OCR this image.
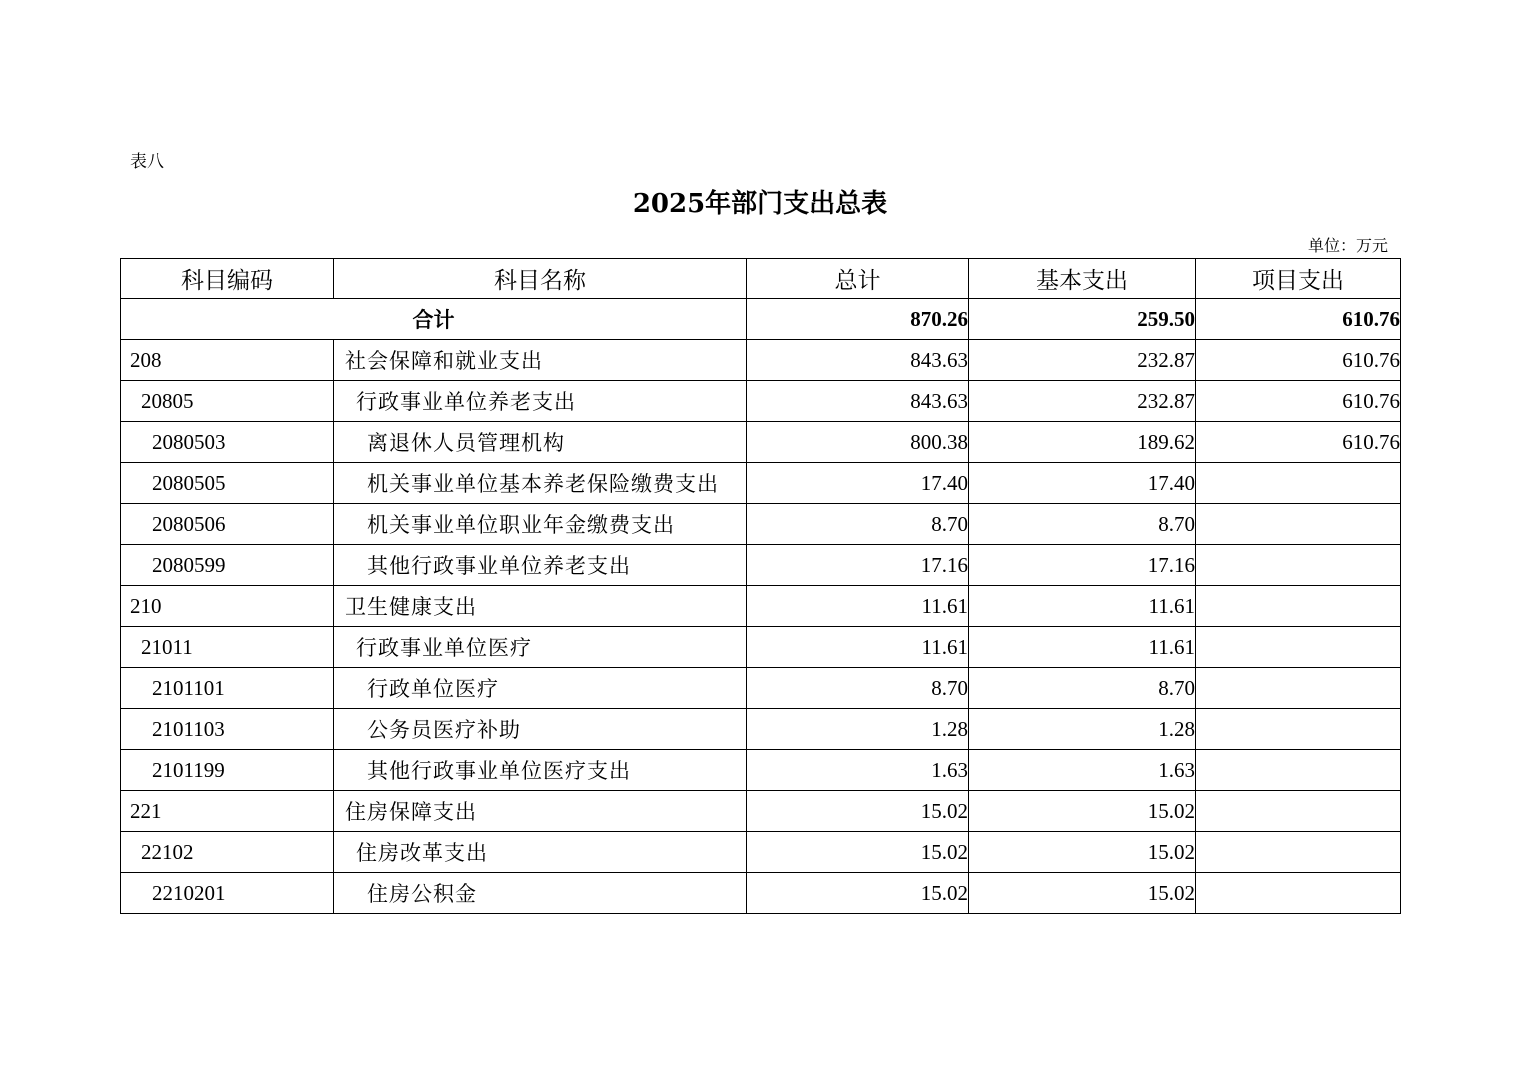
表八
2025年部门支出总表
单位：万元
科目编码	科目名称	总计	基本支出	项目支出
合计		870.26	259.50	610.76
208	社会保障和就业支出	843.63	232.87	610.76
20805	行政事业单位养老支出	843.63	232.87	610.76
2080503	离退休人员管理机构	800.38	189.62	610.76
2080505	机关事业单位基本养老保险缴费支出	17.40	17.40	
2080506	机关事业单位职业年金缴费支出	8.70	8.70	
2080599	其他行政事业单位养老支出	17.16	17.16	
210	卫生健康支出	11.61	11.61	
21011	行政事业单位医疗	11.61	11.61	
2101101	行政单位医疗	8.70	8.70	
2101103	公务员医疗补助	1.28	1.28	
2101199	其他行政事业单位医疗支出	1.63	1.63	
221	住房保障支出	15.02	15.02	
22102	住房改革支出	15.02	15.02	
2210201	住房公积金	15.02	15.02	
